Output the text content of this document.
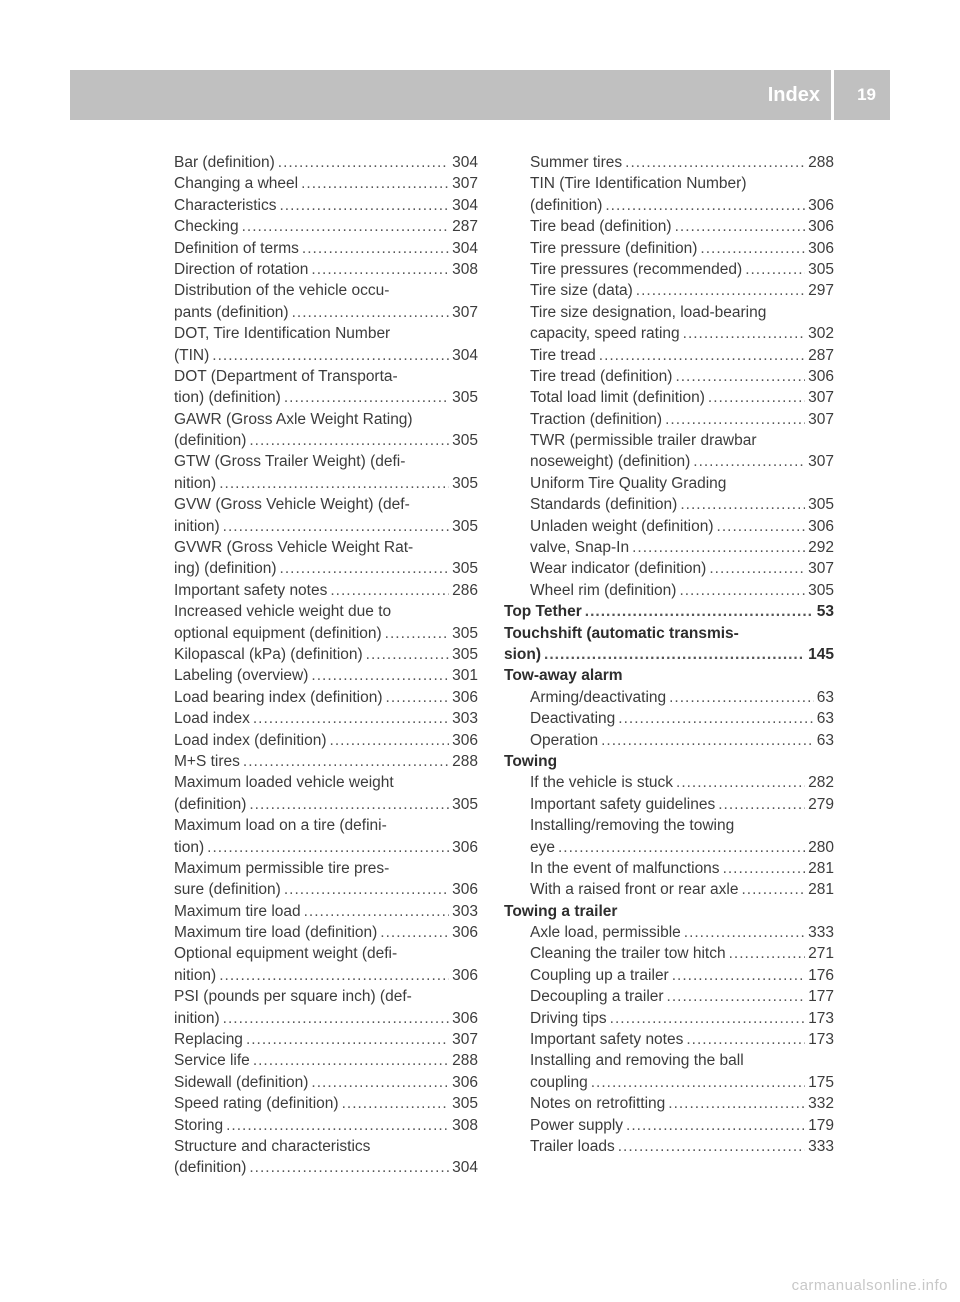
Index 19
Bar (definition) .....	304
Changing a wheel .....	307
Characteristics .....	304
Checking .....	287
Definition of terms .....	304
Direction of rotation .....	308
Distribution of the vehicle occu-
pants (definition) .....	307
DOT, Tire Identification Number
(TIN) .....	304
DOT (Department of Transporta-
tion) (definition) .....	305
GAWR (Gross Axle Weight Rating)
(definition) .....	305
GTW (Gross Trailer Weight) (defi-
nition) .....	305
GVW (Gross Vehicle Weight) (def-
inition) .....	305
GVWR (Gross Vehicle Weight Rat-
ing) (definition) .....	305
Important safety notes .....	286
Increased vehicle weight due to
optional equipment (definition) .....	305
Kilopascal (kPa) (definition) .....	305
Labeling (overview) .....	301
Load bearing index (definition) .....	306
Load index .....	303
Load index (definition) .....	306
M+S tires .....	288
Maximum loaded vehicle weight
(definition) .....	305
Maximum load on a tire (defini-
tion) .....	306
Maximum permissible tire pres-
sure (definition) .....	306
Maximum tire load .....	303
Maximum tire load (definition) .....	306
Optional equipment weight (defi-
nition) .....	306
PSI (pounds per square inch) (def-
inition) .....	306
Replacing .....	307
Service life .....	288
Sidewall (definition) .....	306
Speed rating (definition) .....	305
Storing .....	308
Structure and characteristics
(definition) .....	304
Summer tires .....	288
TIN (Tire Identification Number)
(definition) .....	306
Tire bead (definition) .....	306
Tire pressure (definition) .....	306
Tire pressures (recommended) .....	305
Tire size (data) .....	297
Tire size designation, load-bearing
capacity, speed rating .....	302
Tire tread .....	287
Tire tread (definition) .....	306
Total load limit (definition) .....	307
Traction (definition) .....	307
TWR (permissible trailer drawbar
noseweight) (definition) .....	307
Uniform Tire Quality Grading
Standards (definition) .....	305
Unladen weight (definition) .....	306
valve, Snap-In .....	292
Wear indicator (definition) .....	307
Wheel rim (definition) .....	305
Top Tether .....	53
Touchshift (automatic transmis-
sion) .....	145
Tow-away alarm
Arming/deactivating .....	63
Deactivating .....	63
Operation .....	63
Towing
If the vehicle is stuck .....	282
Important safety guidelines .....	279
Installing/removing the towing
eye .....	280
In the event of malfunctions .....	281
With a raised front or rear axle .....	281
Towing a trailer
Axle load, permissible .....	333
Cleaning the trailer tow hitch .....	271
Coupling up a trailer .....	176
Decoupling a trailer .....	177
Driving tips .....	173
Important safety notes .....	173
Installing and removing the ball
coupling .....	175
Notes on retrofitting .....	332
Power supply .....	179
Trailer loads .....	333
carmanualsonline.info
